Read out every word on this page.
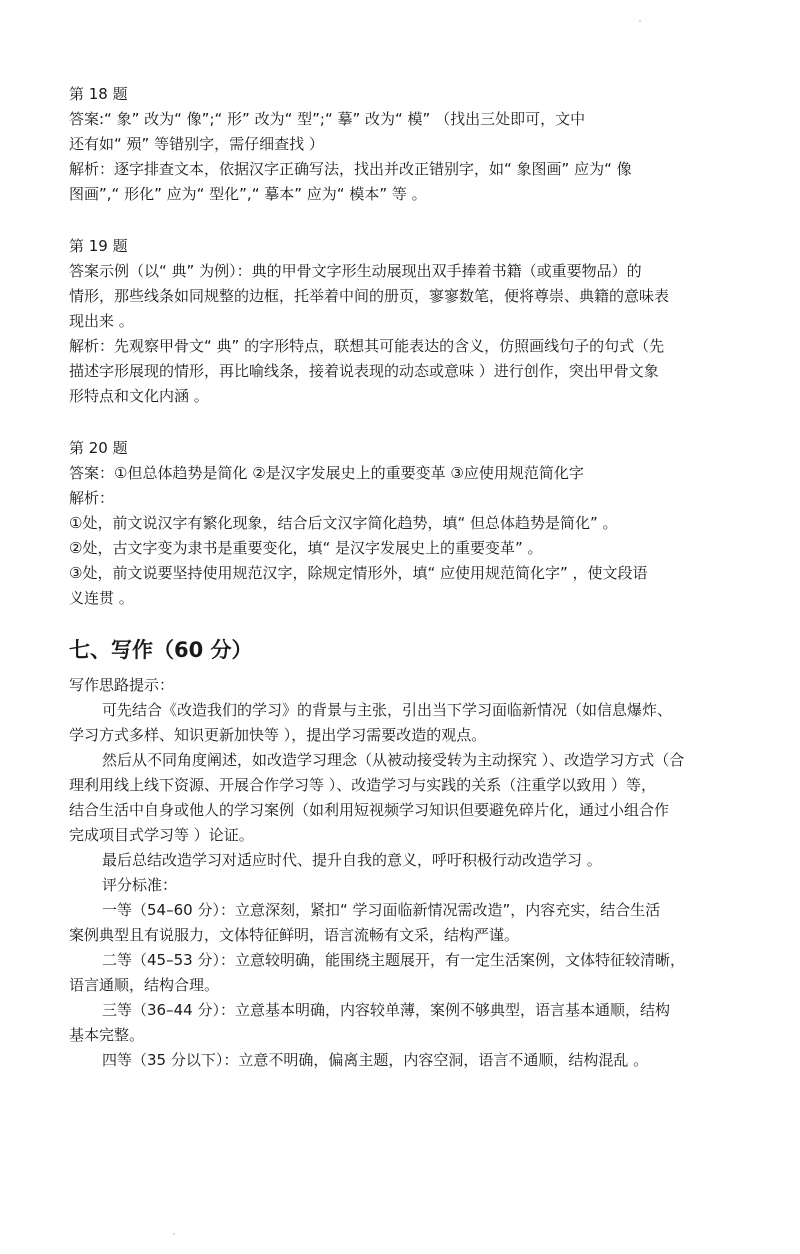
第 18 题
答案:“ 象” 改为“ 像”;“ 形” 改为“ 型”;“ 摹” 改为“ 模” （找出三处即可，文中
还有如“ 殒” 等错别字，需仔细查找 ）
解析：逐字排查文本，依据汉字正确写法，找出并改正错别字，如“ 象图画” 应为“ 像
图画”,“ 形化” 应为“ 型化”,“ 摹本” 应为“ 模本” 等 。
第 19 题
答案示例（以“ 典” 为例）：典的甲骨文字形生动展现出双手捧着书籍（或重要物品）的
情形，那些线条如同规整的边框，托举着中间的册页，寥寥数笔，便将尊崇、典籍的意味表
现出来 。
解析：先观察甲骨文“ 典” 的字形特点，联想其可能表达的含义，仿照画线句子的句式（先
描述字形展现的情形，再比喻线条，接着说表现的动态或意味 ）进行创作，突出甲骨文象
形特点和文化内涵 。
第 20 题
答案：①但总体趋势是简化 ②是汉字发展史上的重要变革 ③应使用规范简化字
解析：
①处，前文说汉字有繁化现象，结合后文汉字简化趋势，填“ 但总体趋势是简化” 。
②处，古文字变为隶书是重要变化，填“ 是汉字发展史上的重要变革” 。
③处，前文说要坚持使用规范汉字，除规定情形外，填“ 应使用规范简化字” ，使文段语
义连贯 。
七、写作（60 分）
写作思路提示：
可先结合《改造我们的学习》的背景与主张，引出当下学习面临新情况（如信息爆炸、
学习方式多样、知识更新加快等 ），提出学习需要改造的观点。
然后从不同角度阐述，如改造学习理念（从被动接受转为主动探究 ）、改造学习方式（合
理利用线上线下资源、开展合作学习等 ）、改造学习与实践的关系（注重学以致用 ）等，
结合生活中自身或他人的学习案例（如利用短视频学习知识但要避免碎片化，通过小组合作
完成项目式学习等 ）论证。
最后总结改造学习对适应时代、提升自我的意义，呼吁积极行动改造学习 。
评分标准：
一等（54–60 分）：立意深刻，紧扣“ 学习面临新情况需改造”，内容充实，结合生活
案例典型且有说服力，文体特征鲜明，语言流畅有文采，结构严谨。
二等（45–53 分）：立意较明确，能围绕主题展开，有一定生活案例，文体特征较清晰，
语言通顺，结构合理。
三等（36–44 分）：立意基本明确，内容较单薄，案例不够典型，语言基本通顺，结构
基本完整。
四等（35 分以下）：立意不明确，偏离主题，内容空洞，语言不通顺，结构混乱 。
